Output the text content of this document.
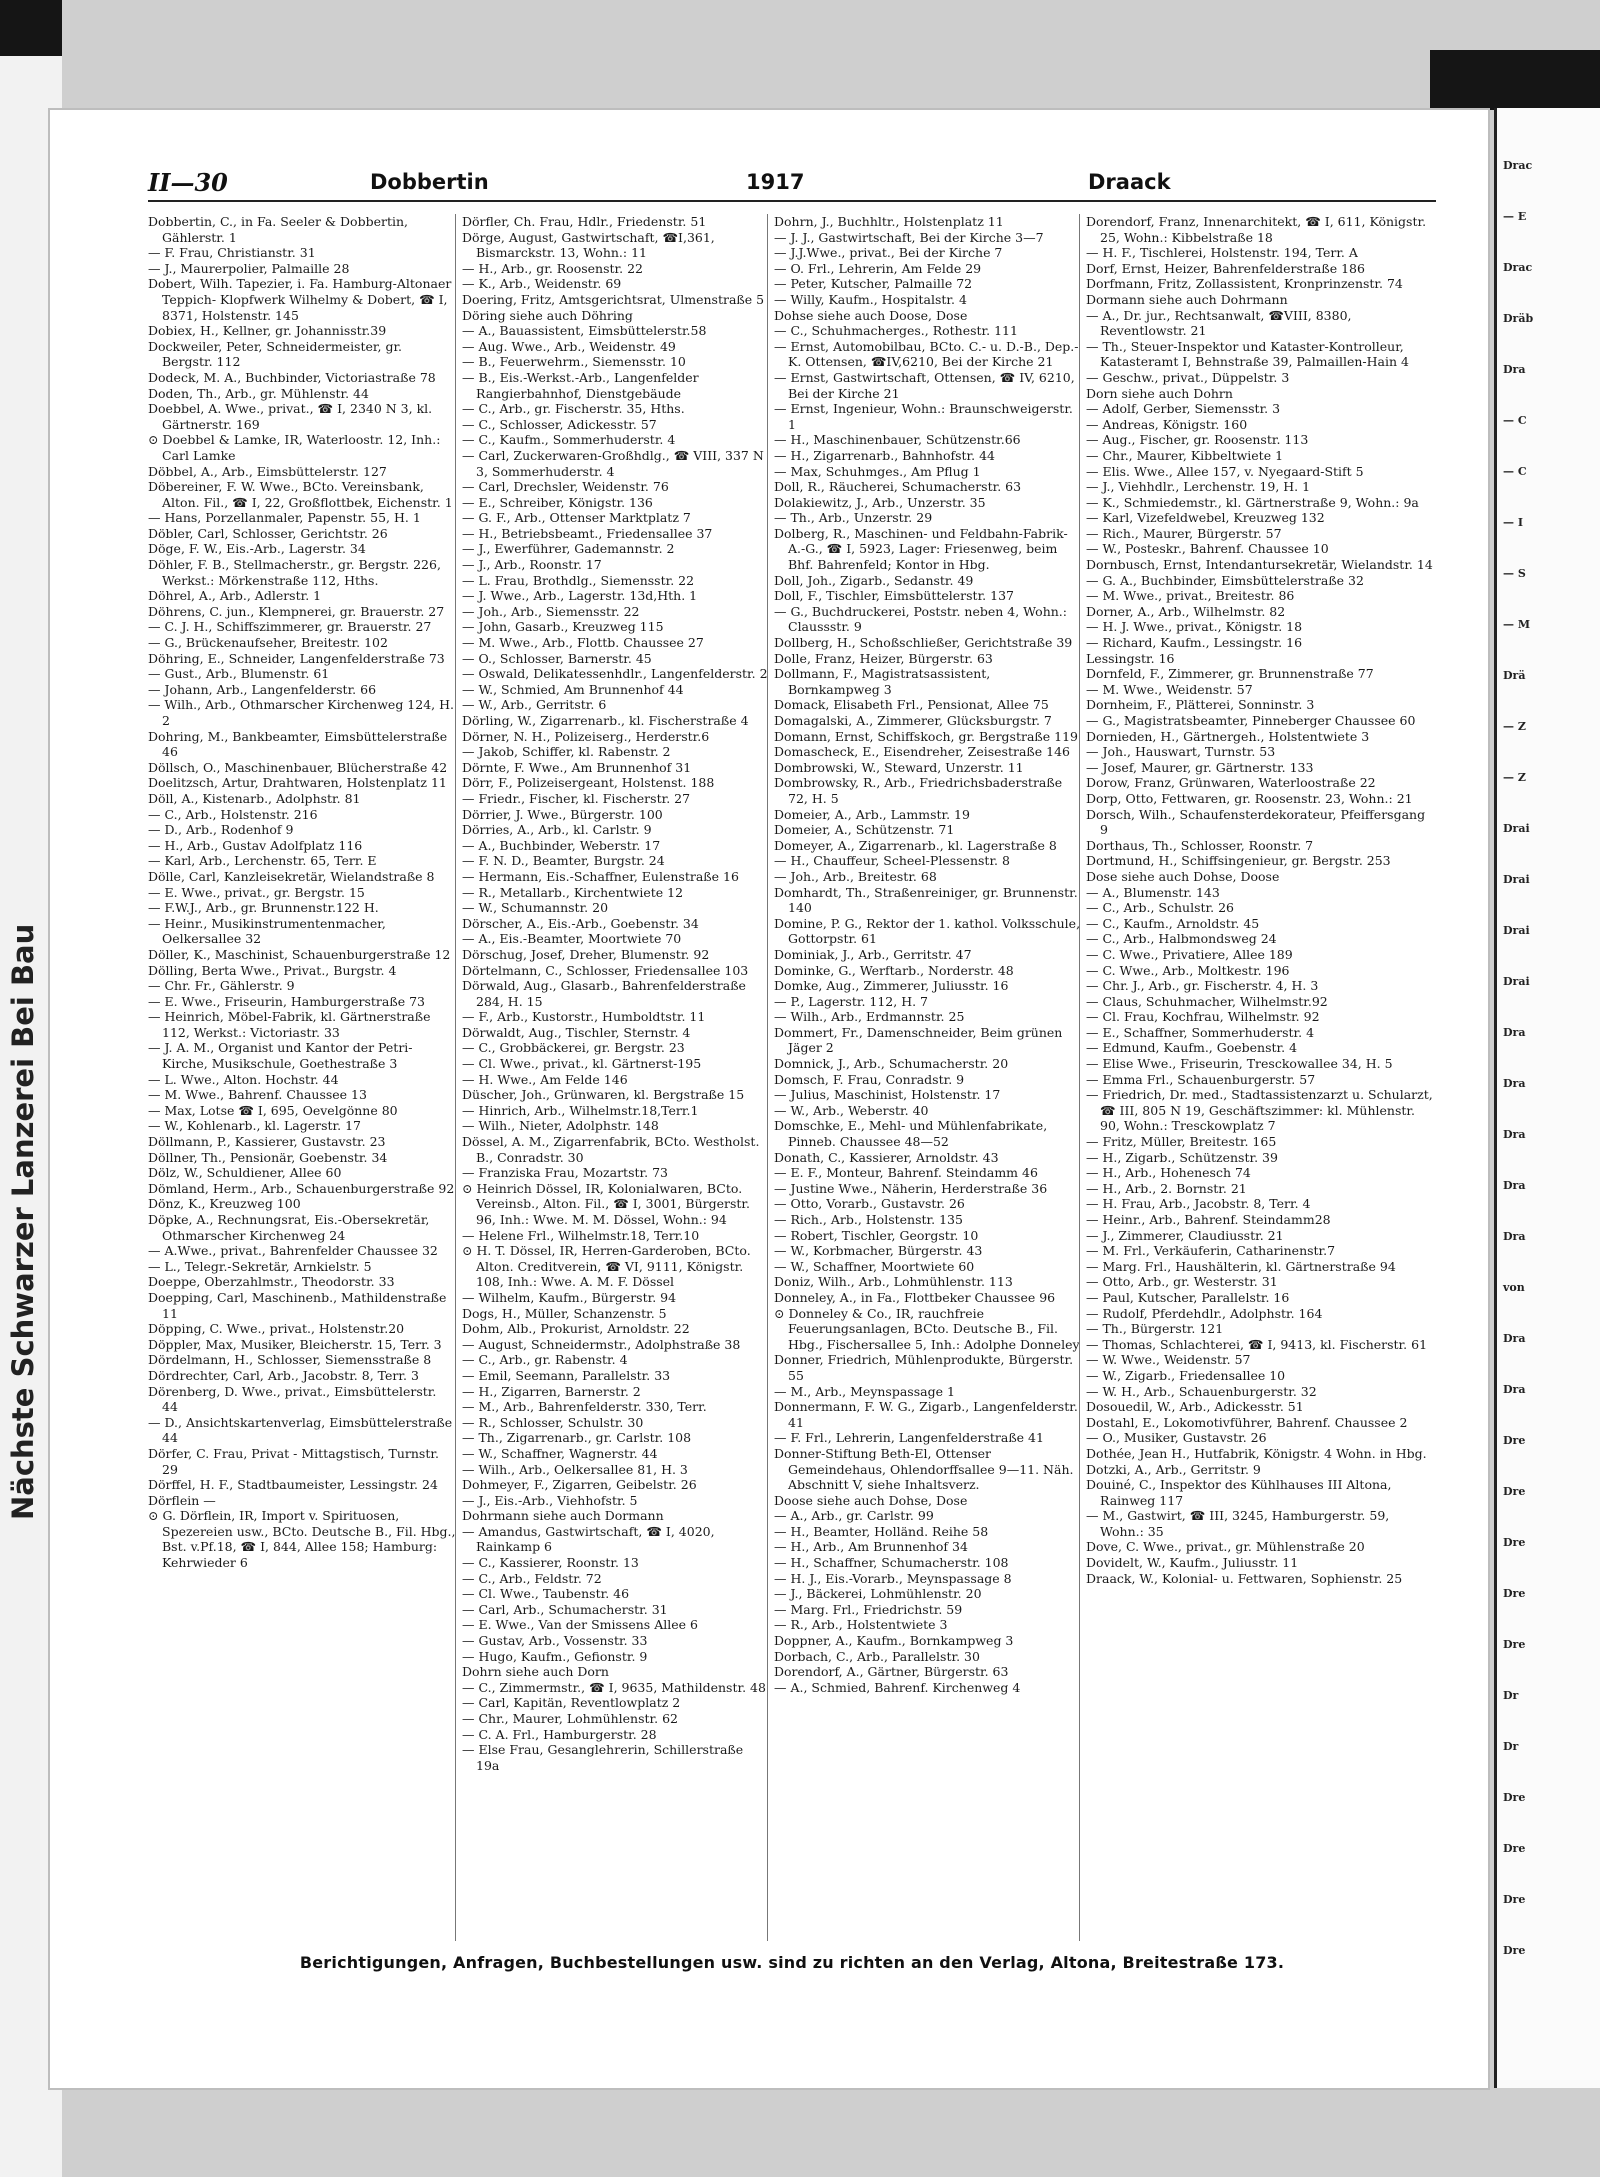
Nächste Schwarzer Lanzerei Bei Bau
Drac
— E
Drac
Dräb
Dra
— C
— C
— I
— S
— M
Drä
— Z
— Z
Drai
Drai
Drai
Drai
Dra
Dra
Dra
Dra
Dra
von
Dra
Dra
Dre
Dre
Dre
Dre
Dre
Dr
Dr
Dre
Dre
Dre
Dre
II—30	Dobbertin	1917	Draack

Dobbertin, C., in Fa. Seeler & Dobbertin, Gählerstr. 1

— F. Frau, Christianstr. 31

— J., Maurerpolier, Palmaille 28

Dobert, Wilh. Tapezier, i. Fa. Hamburg-Altonaer Teppich- Klopfwerk Wilhelmy & Dobert, ☎ I, 8371, Holstenstr. 145

Dobiex, H., Kellner, gr. Johannisstr.39

Dockweiler, Peter, Schneidermeister, gr. Bergstr. 112

Dodeck, M. A., Buchbinder, Victoriastraße 78

Doden, Th., Arb., gr. Mühlenstr. 44

Doebbel, A. Wwe., privat., ☎ I, 2340 N 3, kl. Gärtnerstr. 169

⊙ Doebbel & Lamke, IR, Waterloostr. 12, Inh.: Carl Lamke

Döbbel, A., Arb., Eimsbüttelerstr. 127

Döbereiner, F. W. Wwe., BCto. Vereinsbank, Alton. Fil., ☎ I, 22, Großflottbek, Eichenstr. 1

— Hans, Porzellanmaler, Papenstr. 55, H. 1

Döbler, Carl, Schlosser, Gerichtstr. 26

Döge, F. W., Eis.-Arb., Lagerstr. 34

Döhler, F. B., Stellmacherstr., gr. Bergstr. 226, Werkst.: Mörkenstraße 112, Hths.

Döhrel, A., Arb., Adlerstr. 1

Döhrens, C. jun., Klempnerei, gr. Brauerstr. 27

— C. J. H., Schiffszimmerer, gr. Brauerstr. 27

— G., Brückenaufseher, Breitestr. 102

Döhring, E., Schneider, Langenfelderstraße 73

— Gust., Arb., Blumenstr. 61

— Johann, Arb., Langenfelderstr. 66

— Wilh., Arb., Othmarscher Kirchenweg 124, H. 2

Dohring, M., Bankbeamter, Eimsbüttelerstraße 46

Döllsch, O., Maschinenbauer, Blücherstraße 42

Doelitzsch, Artur, Drahtwaren, Holstenplatz 11

Döll, A., Kistenarb., Adolphstr. 81

— C., Arb., Holstenstr. 216

— D., Arb., Rodenhof 9

— H., Arb., Gustav Adolfplatz 116

— Karl, Arb., Lerchenstr. 65, Terr. E

Dölle, Carl, Kanzleisekretär, Wielandstraße 8

— E. Wwe., privat., gr. Bergstr. 15

— F.W.J., Arb., gr. Brunnenstr.122 H.

— Heinr., Musikinstrumentenmacher, Oelkersallee 32

Döller, K., Maschinist, Schauenburgerstraße 12

Dölling, Berta Wwe., Privat., Burgstr. 4

— Chr. Fr., Gählerstr. 9

— E. Wwe., Friseurin, Hamburgerstraße 73

— Heinrich, Möbel-Fabrik, kl. Gärtnerstraße 112, Werkst.: Victoriastr. 33

— J. A. M., Organist und Kantor der Petri-Kirche, Musikschule, Goethestraße 3

— L. Wwe., Alton. Hochstr. 44

— M. Wwe., Bahrenf. Chaussee 13

— Max, Lotse ☎ I, 695, Oevelgönne 80

— W., Kohlenarb., kl. Lagerstr. 17

Döllmann, P., Kassierer, Gustavstr. 23

Döllner, Th., Pensionär, Goebenstr. 34

Dölz, W., Schuldiener, Allee 60

Dömland, Herm., Arb., Schauenburgerstraße 92

Dönz, K., Kreuzweg 100

Döpke, A., Rechnungsrat, Eis.-Obersekretär, Othmarscher Kirchenweg 24

— A.Wwe., privat., Bahrenfelder Chaussee 32

— L., Telegr.-Sekretär, Arnkielstr. 5

Doeppe, Oberzahlmstr., Theodorstr. 33

Doepping, Carl, Maschinenb., Mathildenstraße 11

Döpping, C. Wwe., privat., Holstenstr.20

Döppler, Max, Musiker, Bleicherstr. 15, Terr. 3

Dördelmann, H., Schlosser, Siemensstraße 8

Dördrechter, Carl, Arb., Jacobstr. 8, Terr. 3

Dörenberg, D. Wwe., privat., Eimsbüttelerstr. 44

— D., Ansichtskartenverlag, Eimsbüttelerstraße 44

Dörfer, C. Frau, Privat - Mittagstisch, Turnstr. 29

Dörffel, H. F., Stadtbaumeister, Lessingstr. 24

Dörflein —

⊙ G. Dörflein, IR, Import v. Spirituosen, Spezereien usw., BCto. Deutsche B., Fil. Hbg., Bst. v.Pf.18, ☎ I, 844, Allee 158; Hamburg: Kehrwieder 6

Dörfler, Ch. Frau, Hdlr., Friedenstr. 51

Dörge, August, Gastwirtschaft, ☎I,361, Bismarckstr. 13, Wohn.: 11

— H., Arb., gr. Roosenstr. 22

— K., Arb., Weidenstr. 69

Doering, Fritz, Amtsgerichtsrat, Ulmenstraße 5

Döring siehe auch Döhring

— A., Bauassistent, Eimsbüttelerstr.58

— Aug. Wwe., Arb., Weidenstr. 49

— B., Feuerwehrm., Siemensstr. 10

— B., Eis.-Werkst.-Arb., Langenfelder Rangierbahnhof, Dienstgebäude

— C., Arb., gr. Fischerstr. 35, Hths.

— C., Schlosser, Adickesstr. 57

— C., Kaufm., Sommerhuderstr. 4

— Carl, Zuckerwaren-Großhdlg., ☎ VIII, 337 N 3, Sommerhuderstr. 4

— Carl, Drechsler, Weidenstr. 76

— E., Schreiber, Königstr. 136

— G. F., Arb., Ottenser Marktplatz 7

— H., Betriebsbeamt., Friedensallee 37

— J., Ewerführer, Gademannstr. 2

— J., Arb., Roonstr. 17

— L. Frau, Brothdlg., Siemensstr. 22

— J. Wwe., Arb., Lagerstr. 13d,Hth. 1

— Joh., Arb., Siemensstr. 22

— John, Gasarb., Kreuzweg 115

— M. Wwe., Arb., Flottb. Chaussee 27

— O., Schlosser, Barnerstr. 45

— Oswald, Delikatessenhdlr., Langenfelderstr. 2

— W., Schmied, Am Brunnenhof 44

— W., Arb., Gerritstr. 6

Dörling, W., Zigarrenarb., kl. Fischerstraße 4

Dörner, N. H., Polizeiserg., Herderstr.6

— Jakob, Schiffer, kl. Rabenstr. 2

Dörnte, F. Wwe., Am Brunnenhof 31

Dörr, F., Polizeisergeant, Holstenst. 188

— Friedr., Fischer, kl. Fischerstr. 27

Dörrier, J. Wwe., Bürgerstr. 100

Dörries, A., Arb., kl. Carlstr. 9

— A., Buchbinder, Weberstr. 17

— F. N. D., Beamter, Burgstr. 24

— Hermann, Eis.-Schaffner, Eulenstraße 16

— R., Metallarb., Kirchentwiete 12

— W., Schumannstr. 20

Dörscher, A., Eis.-Arb., Goebenstr. 34

— A., Eis.-Beamter, Moortwiete 70

Dörschug, Josef, Dreher, Blumenstr. 92

Dörtelmann, C., Schlosser, Friedensallee 103

Dörwald, Aug., Glasarb., Bahrenfelderstraße 284, H. 15

— F., Arb., Kustorstr., Humboldtstr. 11

Dörwaldt, Aug., Tischler, Sternstr. 4

— C., Grobbäckerei, gr. Bergstr. 23

— Cl. Wwe., privat., kl. Gärtnerst-195

— H. Wwe., Am Felde 146

Düscher, Joh., Grünwaren, kl. Bergstraße 15

— Hinrich, Arb., Wilhelmstr.18,Terr.1

— Wilh., Nieter, Adolphstr. 148

Dössel, A. M., Zigarrenfabrik, BCto. Westholst. B., Conradstr. 30

— Franziska Frau, Mozartstr. 73

⊙ Heinrich Dössel, IR, Kolonialwaren, BCto. Vereinsb., Alton. Fil., ☎ I, 3001, Bürgerstr. 96, Inh.: Wwe. M. M. Dössel, Wohn.: 94

— Helene Frl., Wilhelmstr.18, Terr.10

⊙ H. T. Dössel, IR, Herren-Garderoben, BCto. Alton. Creditverein, ☎ VI, 9111, Königstr. 108, Inh.: Wwe. A. M. F. Dössel

— Wilhelm, Kaufm., Bürgerstr. 94

Dogs, H., Müller, Schanzenstr. 5

Dohm, Alb., Prokurist, Arnoldstr. 22

— August, Schneidermstr., Adolphstraße 38

— C., Arb., gr. Rabenstr. 4

— Emil, Seemann, Parallelstr. 33

— H., Zigarren, Barnerstr. 2

— M., Arb., Bahrenfelderstr. 330, Terr.

— R., Schlosser, Schulstr. 30

— Th., Zigarrenarb., gr. Carlstr. 108

— W., Schaffner, Wagnerstr. 44

— Wilh., Arb., Oelkersallee 81, H. 3

Dohmeyer, F., Zigarren, Geibelstr. 26

— J., Eis.-Arb., Viehhofstr. 5

Dohrmann siehe auch Dormann

— Amandus, Gastwirtschaft, ☎ I, 4020, Rainkamp 6

— C., Kassierer, Roonstr. 13

— C., Arb., Feldstr. 72

— Cl. Wwe., Taubenstr. 46

— Carl, Arb., Schumacherstr. 31

— E. Wwe., Van der Smissens Allee 6

— Gustav, Arb., Vossenstr. 33

— Hugo, Kaufm., Gefionstr. 9

Dohrn siehe auch Dorn

— C., Zimmermstr., ☎ I, 9635, Mathildenstr. 48

— Carl, Kapitän, Reventlowplatz 2

— Chr., Maurer, Lohmühlenstr. 62

— C. A. Frl., Hamburgerstr. 28

— Else Frau, Gesanglehrerin, Schillerstraße 19a

Dohrn, J., Buchhltr., Holstenplatz 11

— J. J., Gastwirtschaft, Bei der Kirche 3—7

— J.J.Wwe., privat., Bei der Kirche 7

— O. Frl., Lehrerin, Am Felde 29

— Peter, Kutscher, Palmaille 72

— Willy, Kaufm., Hospitalstr. 4

Dohse siehe auch Doose, Dose

— C., Schuhmacherges., Rothestr. 111

— Ernst, Automobilbau, BCto. C.- u. D.-B., Dep.-K. Ottensen, ☎IV,6210, Bei der Kirche 21

— Ernst, Gastwirtschaft, Ottensen, ☎ IV, 6210, Bei der Kirche 21

— Ernst, Ingenieur, Wohn.: Braunschweigerstr. 1

— H., Maschinenbauer, Schützenstr.66

— H., Zigarrenarb., Bahnhofstr. 44

— Max, Schuhmges., Am Pflug 1

Doll, R., Räucherei, Schumacherstr. 63

Dolakiewitz, J., Arb., Unzerstr. 35

— Th., Arb., Unzerstr. 29

Dolberg, R., Maschinen- und Feldbahn-Fabrik-A.-G., ☎ I, 5923, Lager: Friesenweg, beim Bhf. Bahrenfeld; Kontor in Hbg.

Doll, Joh., Zigarb., Sedanstr. 49

Doll, F., Tischler, Eimsbüttelerstr. 137

— G., Buchdruckerei, Poststr. neben 4, Wohn.: Claussstr. 9

Dollberg, H., Schoßschließer, Gerichtstraße 39

Dolle, Franz, Heizer, Bürgerstr. 63

Dollmann, F., Magistratsassistent, Bornkampweg 3

Domack, Elisabeth Frl., Pensionat, Allee 75

Domagalski, A., Zimmerer, Glücksburgstr. 7

Domann, Ernst, Schiffskoch, gr. Bergstraße 119

Domascheck, E., Eisendreher, Zeisestraße 146

Dombrowski, W., Steward, Unzerstr. 11

Dombrowsky, R., Arb., Friedrichsbaderstraße 72, H. 5

Domeier, A., Arb., Lammstr. 19

Domeier, A., Schützenstr. 71

Domeyer, A., Zigarrenarb., kl. Lagerstraße 8

— H., Chauffeur, Scheel-Plessenstr. 8

— Joh., Arb., Breitestr. 68

Domhardt, Th., Straßenreiniger, gr. Brunnenstr. 140

Domine, P. G., Rektor der 1. kathol. Volksschule, Gottorpstr. 61

Dominiak, J., Arb., Gerritstr. 47

Dominke, G., Werftarb., Norderstr. 48

Domke, Aug., Zimmerer, Juliusstr. 16

— P., Lagerstr. 112, H. 7

— Wilh., Arb., Erdmannstr. 25

Dommert, Fr., Damenschneider, Beim grünen Jäger 2

Domnick, J., Arb., Schumacherstr. 20

Domsch, F. Frau, Conradstr. 9

— Julius, Maschinist, Holstenstr. 17

— W., Arb., Weberstr. 40

Domschke, E., Mehl- und Mühlenfabrikate, Pinneb. Chaussee 48—52

Donath, C., Kassierer, Arnoldstr. 43

— E. F., Monteur, Bahrenf. Steindamm 46

— Justine Wwe., Näherin, Herderstraße 36

— Otto, Vorarb., Gustavstr. 26

— Rich., Arb., Holstenstr. 135

— Robert, Tischler, Georgstr. 10

— W., Korbmacher, Bürgerstr. 43

— W., Schaffner, Moortwiete 60

Doniz, Wilh., Arb., Lohmühlenstr. 113

Donneley, A., in Fa., Flottbeker Chaussee 96

⊙ Donneley & Co., IR, rauchfreie Feuerungsanlagen, BCto. Deutsche B., Fil. Hbg., Fischersallee 5, Inh.: Adolphe Donneley

Donner, Friedrich, Mühlenprodukte, Bürgerstr. 55

— M., Arb., Meynspassage 1

Donnermann, F. W. G., Zigarb., Langenfelderstr. 41

— F. Frl., Lehrerin, Langenfelderstraße 41

Donner-Stiftung Beth-El, Ottenser Gemeindehaus, Ohlendorffsallee 9—11. Näh. Abschnitt V, siehe Inhaltsverz.

Doose siehe auch Dohse, Dose

— A., Arb., gr. Carlstr. 99

— H., Beamter, Holländ. Reihe 58

— H., Arb., Am Brunnenhof 34

— H., Schaffner, Schumacherstr. 108

— H. J., Eis.-Vorarb., Meynspassage 8

— J., Bäckerei, Lohmühlenstr. 20

— Marg. Frl., Friedrichstr. 59

— R., Arb., Holstentwiete 3

Doppner, A., Kaufm., Bornkampweg 3

Dorbach, C., Arb., Parallelstr. 30

Dorendorf, A., Gärtner, Bürgerstr. 63

— A., Schmied, Bahrenf. Kirchenweg 4

Dorendorf, Franz, Innenarchitekt, ☎ I, 611, Königstr. 25, Wohn.: Kibbelstraße 18

— H. F., Tischlerei, Holstenstr. 194, Terr. A

Dorf, Ernst, Heizer, Bahrenfelderstraße 186

Dorfmann, Fritz, Zollassistent, Kronprinzenstr. 74

Dormann siehe auch Dohrmann

— A., Dr. jur., Rechtsanwalt, ☎VIII, 8380, Reventlowstr. 21

— Th., Steuer-Inspektor und Kataster-Kontrolleur, Katasteramt I, Behnstraße 39, Palmaillen-Hain 4

— Geschw., privat., Düppelstr. 3

Dorn siehe auch Dohrn

— Adolf, Gerber, Siemensstr. 3

— Andreas, Königstr. 160

— Aug., Fischer, gr. Roosenstr. 113

— Chr., Maurer, Kibbeltwiete 1

— Elis. Wwe., Allee 157, v. Nyegaard-Stift 5

— J., Viehhdlr., Lerchenstr. 19, H. 1

— K., Schmiedemstr., kl. Gärtnerstraße 9, Wohn.: 9a

— Karl, Vizefeldwebel, Kreuzweg 132

— Rich., Maurer, Bürgerstr. 57

— W., Posteskr., Bahrenf. Chaussee 10

Dornbusch, Ernst, Intendantursekretär, Wielandstr. 14

— G. A., Buchbinder, Eimsbüttelerstraße 32

— M. Wwe., privat., Breitestr. 86

Dorner, A., Arb., Wilhelmstr. 82

— H. J. Wwe., privat., Königstr. 18

— Richard, Kaufm., Lessingstr. 16

Lessingstr. 16

Dornfeld, F., Zimmerer, gr. Brunnenstraße 77

— M. Wwe., Weidenstr. 57

Dornheim, F., Plätterei, Sonninstr. 3

— G., Magistratsbeamter, Pinneberger Chaussee 60

Dornieden, H., Gärtnergeh., Holstentwiete 3

— Joh., Hauswart, Turnstr. 53

— Josef, Maurer, gr. Gärtnerstr. 133

Dorow, Franz, Grünwaren, Waterloostraße 22

Dorp, Otto, Fettwaren, gr. Roosenstr. 23, Wohn.: 21

Dorsch, Wilh., Schaufensterdekorateur, Pfeiffersgang 9

Dorthaus, Th., Schlosser, Roonstr. 7

Dortmund, H., Schiffsingenieur, gr. Bergstr. 253

Dose siehe auch Dohse, Doose

— A., Blumenstr. 143

— C., Arb., Schulstr. 26

— C., Kaufm., Arnoldstr. 45

— C., Arb., Halbmondsweg 24

— C. Wwe., Privatiere, Allee 189

— C. Wwe., Arb., Moltkestr. 196

— Chr. J., Arb., gr. Fischerstr. 4, H. 3

— Claus, Schuhmacher, Wilhelmstr.92

— Cl. Frau, Kochfrau, Wilhelmstr. 92

— E., Schaffner, Sommerhuderstr. 4

— Edmund, Kaufm., Goebenstr. 4

— Elise Wwe., Friseurin, Tresckowallee 34, H. 5

— Emma Frl., Schauenburgerstr. 57

— Friedrich, Dr. med., Stadtassistenzarzt u. Schularzt, ☎ III, 805 N 19, Geschäftszimmer: kl. Mühlenstr. 90, Wohn.: Tresckowplatz 7

— Fritz, Müller, Breitestr. 165

— H., Zigarb., Schützenstr. 39

— H., Arb., Hohenesch 74

— H., Arb., 2. Bornstr. 21

— H. Frau, Arb., Jacobstr. 8, Terr. 4

— Heinr., Arb., Bahrenf. Steindamm28

— J., Zimmerer, Claudiusstr. 21

— M. Frl., Verkäuferin, Catharinenstr.7

— Marg. Frl., Haushälterin, kl. Gärtnerstraße 94

— Otto, Arb., gr. Westerstr. 31

— Paul, Kutscher, Parallelstr. 16

— Rudolf, Pferdehdlr., Adolphstr. 164

— Th., Bürgerstr. 121

— Thomas, Schlachterei, ☎ I, 9413, kl. Fischerstr. 61

— W. Wwe., Weidenstr. 57

— W., Zigarb., Friedensallee 10

— W. H., Arb., Schauenburgerstr. 32

Dosouedil, W., Arb., Adickesstr. 51

Dostahl, E., Lokomotivführer, Bahrenf. Chaussee 2

— O., Musiker, Gustavstr. 26

Dothée, Jean H., Hutfabrik, Königstr. 4 Wohn. in Hbg.

Dotzki, A., Arb., Gerritstr. 9

Douiné, C., Inspektor des Kühlhauses III Altona, Rainweg 117

— M., Gastwirt, ☎ III, 3245, Hamburgerstr. 59, Wohn.: 35

Dove, C. Wwe., privat., gr. Mühlenstraße 20

Dovidelt, W., Kaufm., Juliusstr. 11

Draack, W., Kolonial- u. Fettwaren, Sophienstr. 25

Berichtigungen, Anfragen, Buchbestellungen usw. sind zu richten an den Verlag, Altona, Breitestraße 173.
